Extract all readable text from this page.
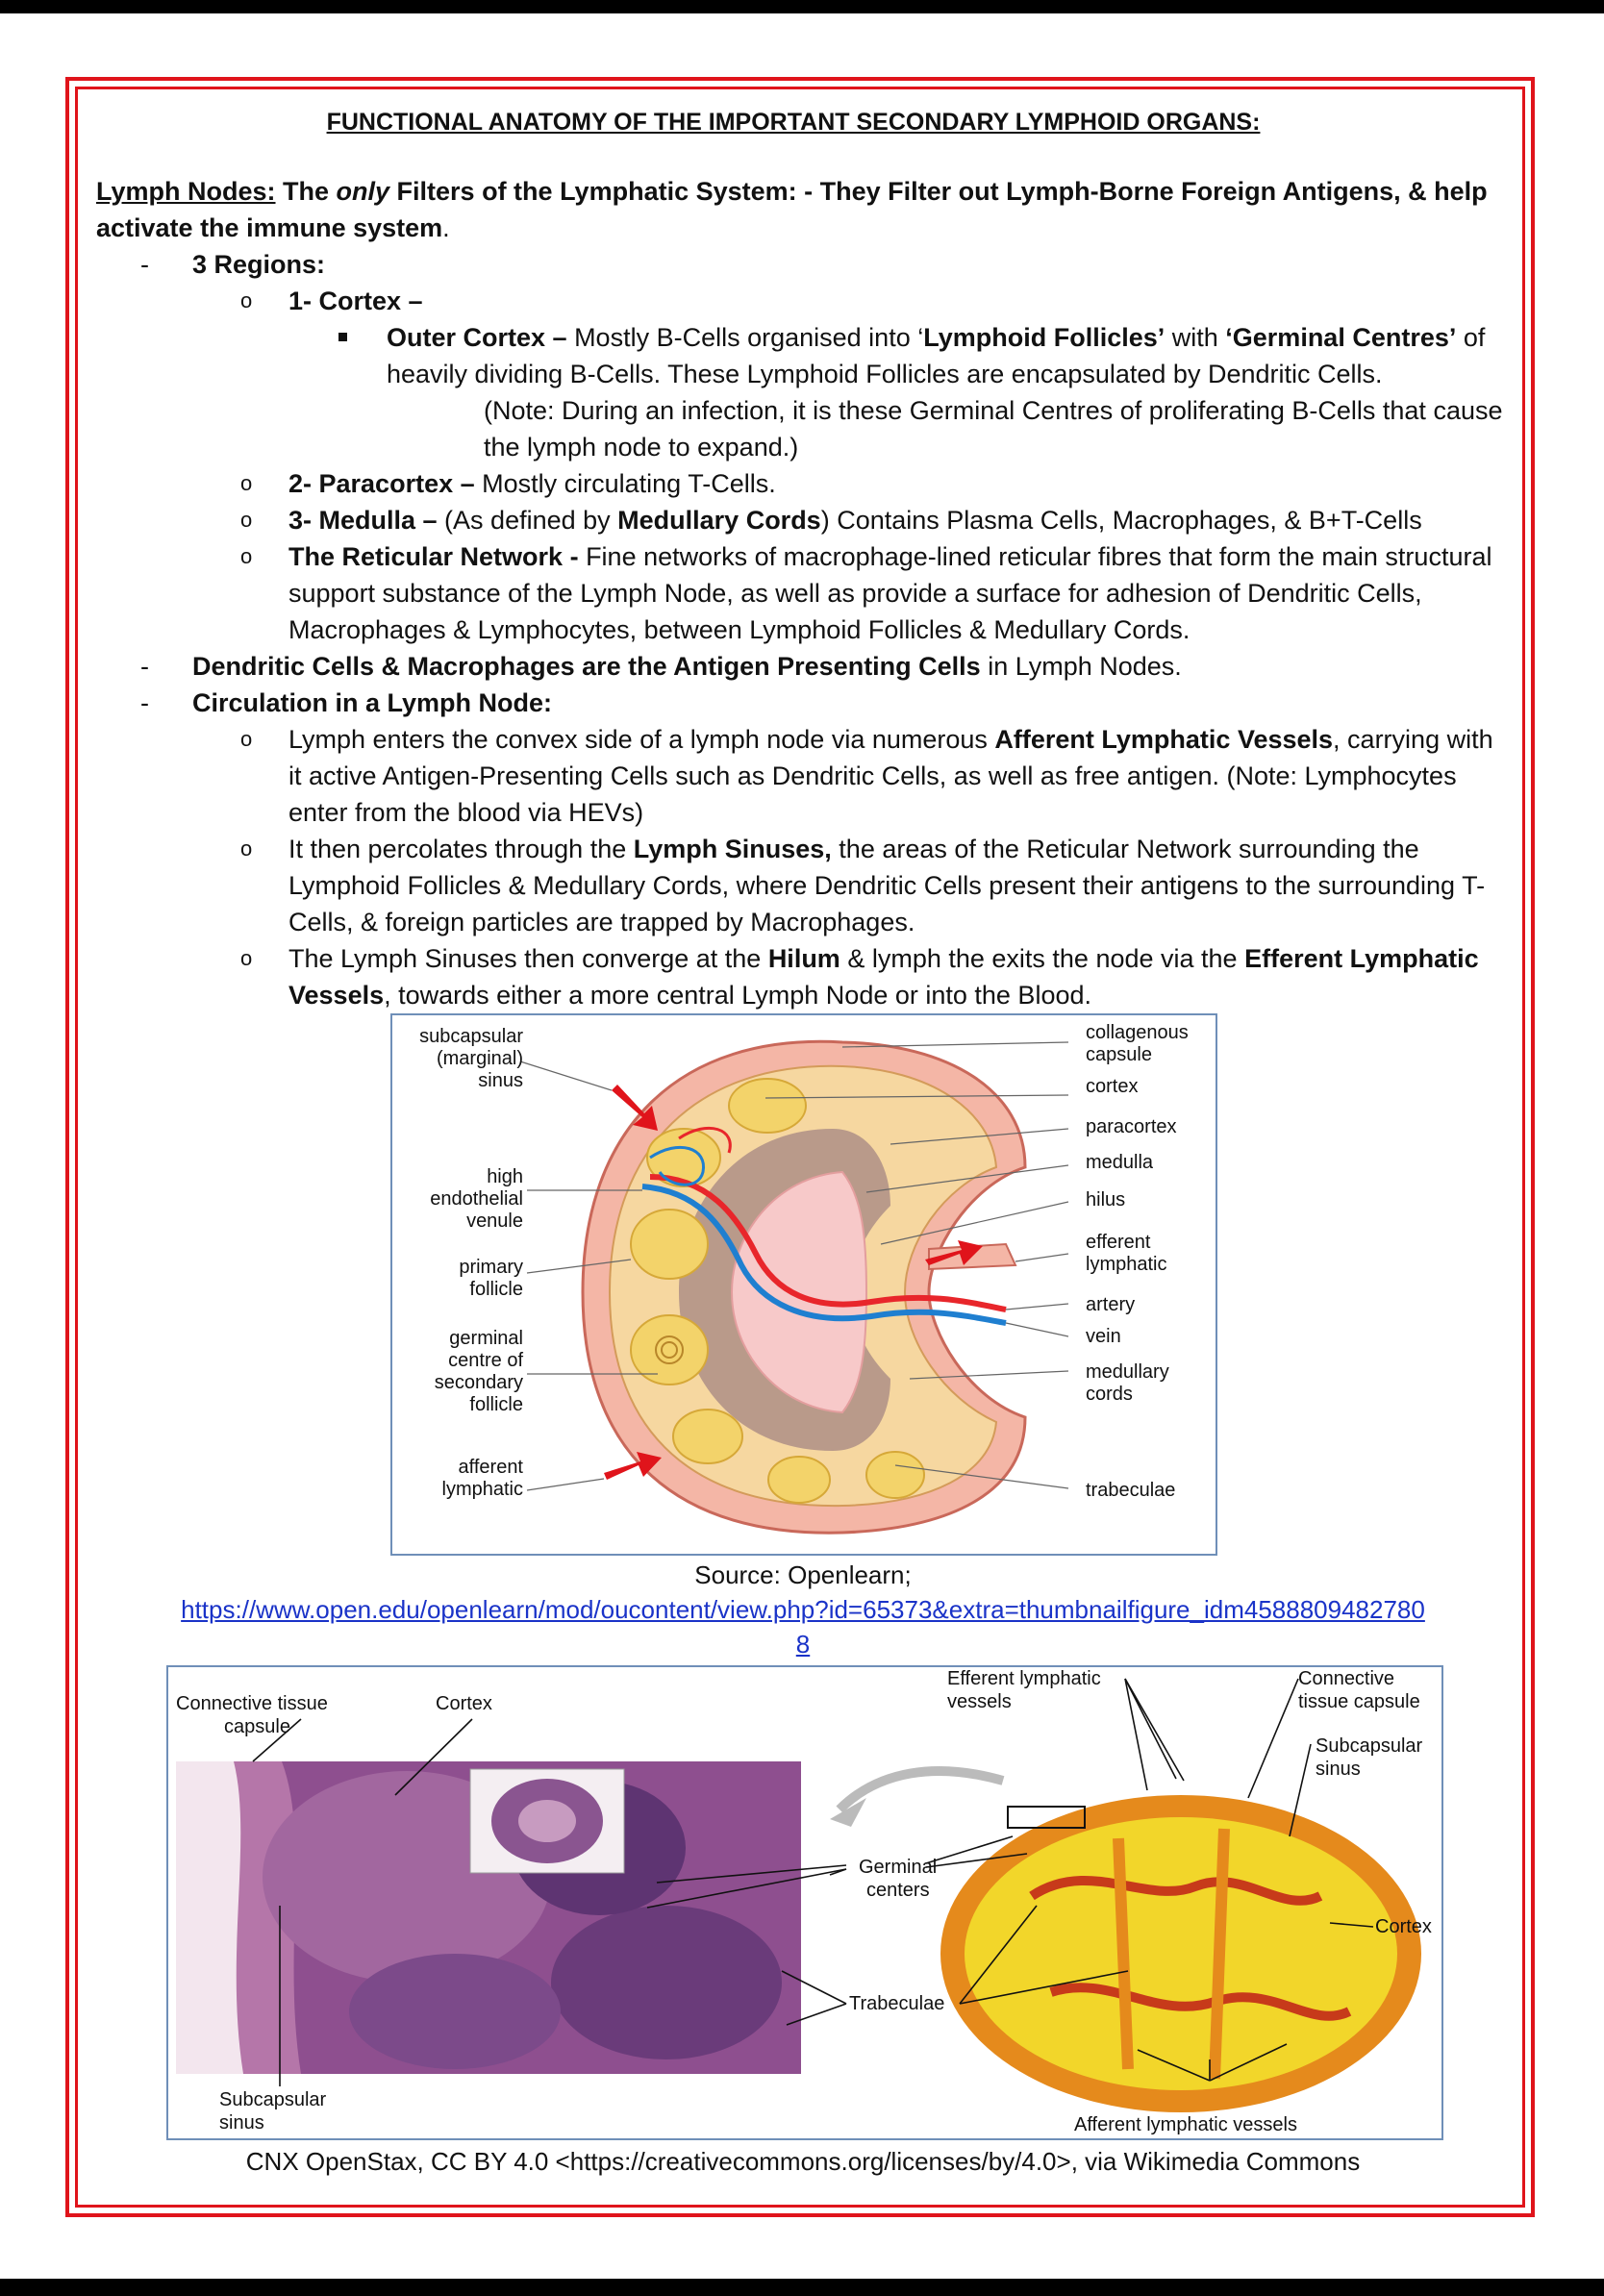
FUNCTIONAL ANATOMY OF THE IMPORTANT SECONDARY LYMPHOID ORGANS:

Lymph Nodes: The only Filters of the Lymphatic System: - They Filter out Lymph-Borne Foreign Antigens, & help activate the immune system.

- 3 Regions:
o 1- Cortex –
Outer Cortex – Mostly B-Cells organised into ‘Lymphoid Follicles’ with ‘Germinal Centres’ of heavily dividing B-Cells. These Lymphoid Follicles are encapsulated by Dendritic Cells.
(Note: During an infection, it is these Germinal Centres of proliferating B-Cells that cause the lymph node to expand.)
o 2- Paracortex – Mostly circulating T-Cells.
o 3- Medulla – (As defined by Medullary Cords) Contains Plasma Cells, Macrophages, & B+T-Cells
o The Reticular Network - Fine networks of macrophage-lined reticular fibres that form the main structural support substance of the Lymph Node, as well as provide a surface for adhesion of Dendritic Cells, Macrophages & Lymphocytes, between Lymphoid Follicles & Medullary Cords.
- Dendritic Cells & Macrophages are the Antigen Presenting Cells in Lymph Nodes.
- Circulation in a Lymph Node:
o Lymph enters the convex side of a lymph node via numerous Afferent Lymphatic Vessels, carrying with it active Antigen-Presenting Cells such as Dendritic Cells, as well as free antigen. (Note: Lymphocytes enter from the blood via HEVs)
o It then percolates through the Lymph Sinuses, the areas of the Reticular Network surrounding the Lymphoid Follicles & Medullary Cords, where Dendritic Cells present their antigens to the surrounding T-Cells, & foreign particles are trapped by Macrophages.
o The Lymph Sinuses then converge at the Hilum & lymph the exits the node via the Efferent Lymphatic Vessels, towards either a more central Lymph Node or into the Blood.
subcapsular
(marginal)
sinus
high
endothelial
venule
primary
follicle
germinal
centre of
secondary
follicle
afferent
lymphatic
collagenous
capsule
cortex
paracortex
medulla
hilus
efferent
lymphatic
artery
vein
medullary
cords
trabeculae
Source: Openlearn;
https://www.open.edu/openlearn/mod/oucontent/view.php?id=65373&extra=thumbnailfigure_idm4588809482780
8
Connective tissue
capsule
Cortex
Subcapsular
sinus
Efferent lymphatic
vessels
Germinal
centers
Trabeculae
Connective
tissue capsule
Subcapsular
sinus
Cortex
Afferent lymphatic vessels
CNX OpenStax, CC BY 4.0 <https://creativecommons.org/licenses/by/4.0>, via Wikimedia Commons
